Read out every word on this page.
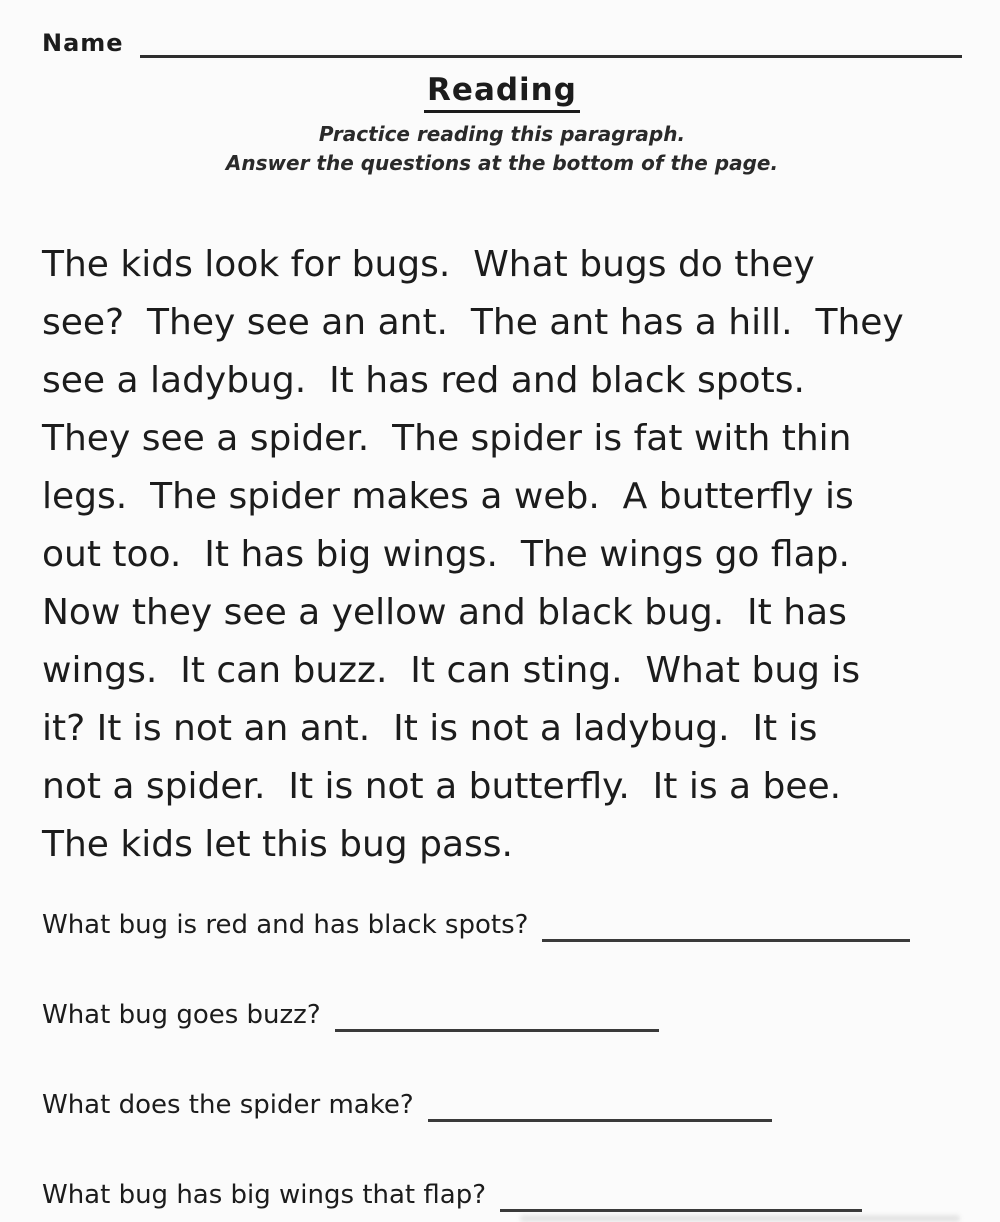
Name
Reading
Practice reading this paragraph.
Answer the questions at the bottom of the page.
The kids look for bugs.  What bugs do they
see?  They see an ant.  The ant has a hill.  They
see a ladybug.  It has red and black spots.
They see a spider.  The spider is fat with thin
legs.  The spider makes a web.  A butterfly is
out too.  It has big wings.  The wings go flap.
Now they see a yellow and black bug.  It has
wings.  It can buzz.  It can sting.  What bug is
it? It is not an ant.  It is not a ladybug.  It is
not a spider.  It is not a butterfly.  It is a bee.
The kids let this bug pass.
What bug is red and has black spots?
What bug goes buzz?
What does the spider make?
What bug has big wings that flap?
